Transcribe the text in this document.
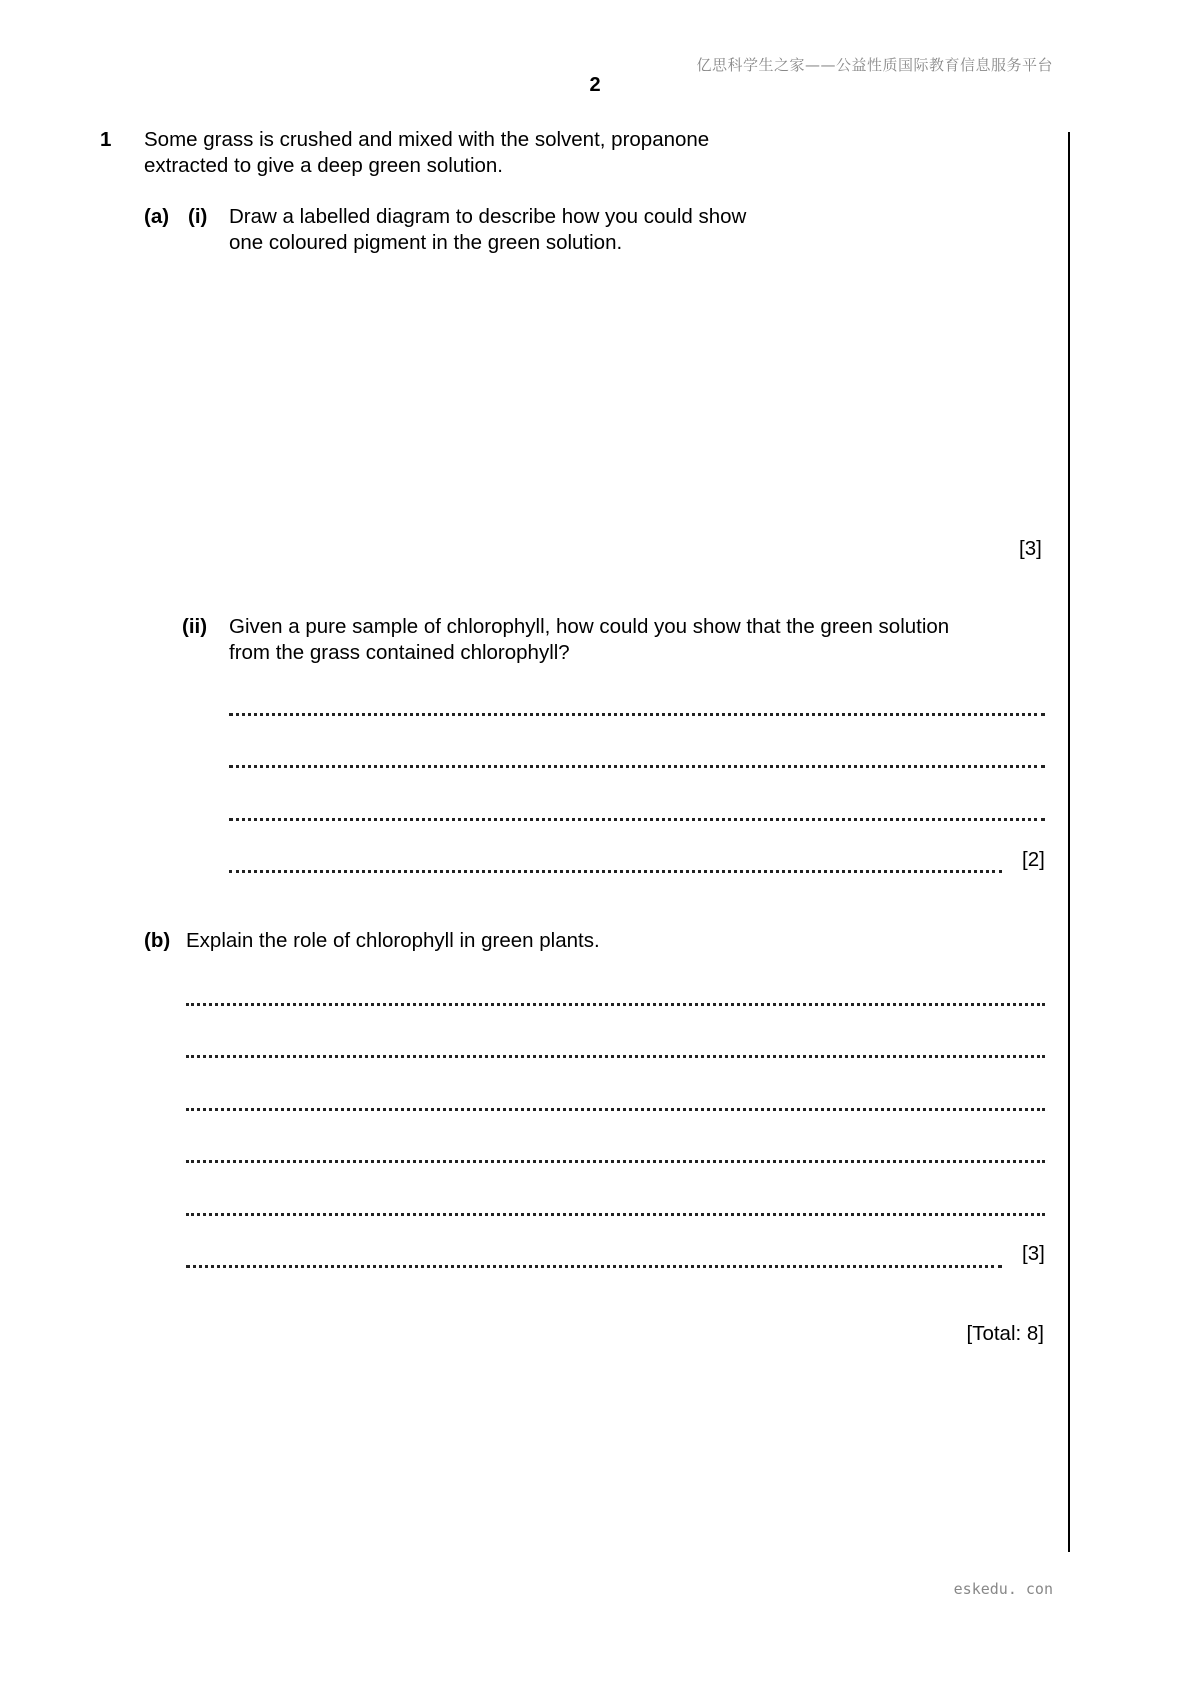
亿思科学生之家——公益性质国际教育信息服务平台
2
1 Some grass is crushed and mixed with the solvent, propanone
extracted to give a deep green solution.
(a) (i) Draw a labelled diagram to describe how you could show
one coloured pigment in the green solution.
[3]
(ii) Given a pure sample of chlorophyll, how could you show that the green solution
from the grass contained chlorophyll?
[2]
(b) Explain the role of chlorophyll in green plants.
[3]
[Total: 8]
eskedu. con
